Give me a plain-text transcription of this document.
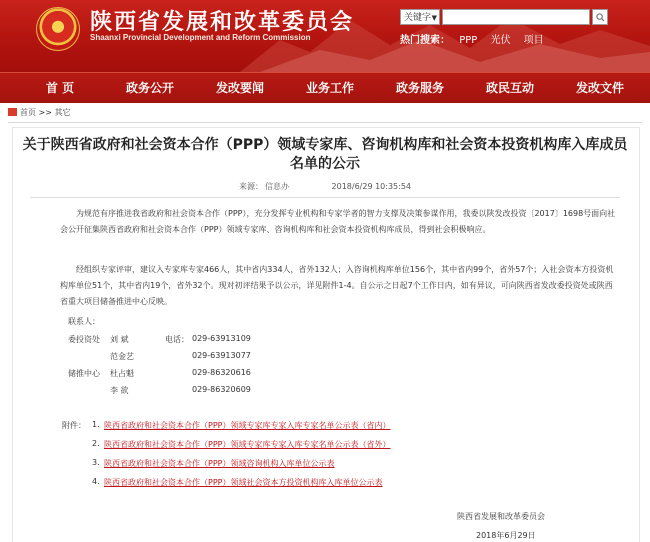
★	陕西省发展和改革委员会
Shaanxi Provincial Development and Reform Commission
关键字 ▼
热门搜索： PPP 光伏 项目
首 页	政务公开	发改要闻	业务工作	政务服务	政民互动	发改文件
首页 >> 其它
关于陕西省政府和社会资本合作（PPP）领域专家库、咨询机构库和社会资本投资机构库入库成员名单的公示
来源： 信息办	2018/6/29 10:35:54
为规范有序推进我省政府和社会资本合作（PPP），充分发挥专业机构和专家学者的智力支撑及决策参谋作用，我委以陕发改投资〔2017〕1698号面向社会公开征集陕西省政府和社会资本合作（PPP）领域专家库、咨询机构库和社会资本投资机构库成员，得到社会积极响应。
经组织专家评审，建议入专家库专家466人，其中省内334人，省外132人；入咨询机构库单位156个，其中省内99个，省外57个；入社会资本方投资机构库单位51个，其中省内19个，省外32个。现对初评结果予以公示，详见附件1-4。自公示之日起7个工作日内，如有异议，可向陕西省发改委投资处或陕西省重大项目储备推进中心反映。
联系人：
委投资处 刘 斌	电话： 029-63913109
范金艺	029-63913077
储推中心 杜占魁	029-86320616
李 欲	029-86320609
附件： 1. 陕西省政府和社会资本合作（PPP）领域专家库专家入库专家名单公示表（省内）
2. 陕西省政府和社会资本合作（PPP）领域专家库专家入库专家名单公示表（省外）
3. 陕西省政府和社会资本合作（PPP）领域咨询机构入库单位公示表
4. 陕西省政府和社会资本合作（PPP）领域社会资本方投资机构库入库单位公示表
陕西省发展和改革委员会
2018年6月29日
